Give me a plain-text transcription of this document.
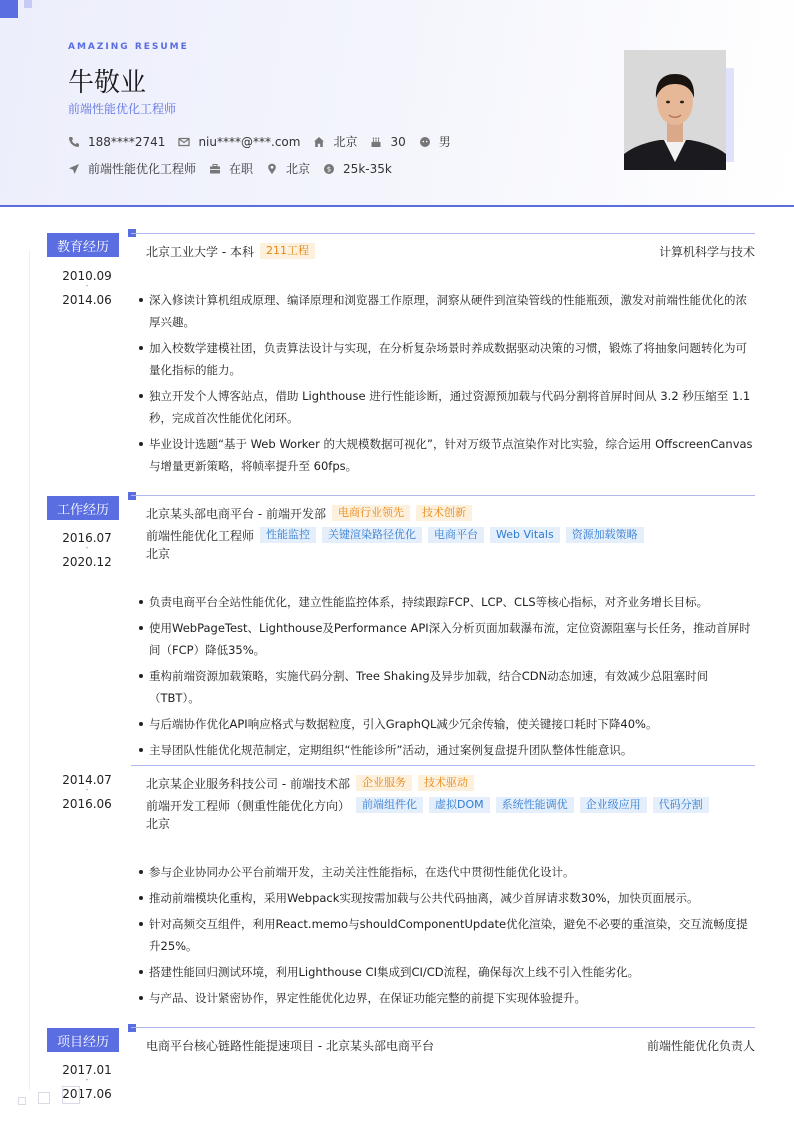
AMAZING RESUME
牛敬业
前端性能优化工程师
188****2741	niu****@***.com	北京	30	男
前端性能优化工程师	在职	北京 $ 25k-35k
教育经历
2010.09
-
2014.06
北京工业大学 - 本科	211工程	计算机科学与技术
深入修读计算机组成原理、编译原理和浏览器工作原理，洞察从硬件到渲染管线的性能瓶颈，激发对前端性能优化的浓厚兴趣。
加入校数学建模社团，负责算法设计与实现，在分析复杂场景时养成数据驱动决策的习惯，锻炼了将抽象问题转化为可量化指标的能力。
独立开发个人博客站点，借助 Lighthouse 进行性能诊断，通过资源预加载与代码分割将首屏时间从 3.2 秒压缩至 1.1 秒，完成首次性能优化闭环。
毕业设计选题“基于 Web Worker 的大规模数据可视化”，针对万级节点渲染作对比实验，综合运用 OffscreenCanvas 与增量更新策略，将帧率提升至 60fps。
工作经历
2016.07
-
2020.12
北京某头部电商平台 - 前端开发部	电商行业领先	技术创新
前端性能优化工程师	性能监控	关键渲染路径优化	电商平台	Web Vitals	资源加载策略
北京
负责电商平台全站性能优化，建立性能监控体系，持续跟踪FCP、LCP、CLS等核心指标，对齐业务增长目标。
使用WebPageTest、Lighthouse及Performance API深入分析页面加载瀑布流，定位资源阻塞与长任务，推动首屏时间（FCP）降低35%。
重构前端资源加载策略，实施代码分割、Tree Shaking及异步加载，结合CDN动态加速，有效减少总阻塞时间（TBT）。
与后端协作优化API响应格式与数据粒度，引入GraphQL减少冗余传输，使关键接口耗时下降40%。
主导团队性能优化规范制定，定期组织“性能诊所”活动，通过案例复盘提升团队整体性能意识。
2014.07
-
2016.06
北京某企业服务科技公司 - 前端技术部	企业服务	技术驱动
前端开发工程师（侧重性能优化方向）	前端组件化	虚拟DOM	系统性能调优	企业级应用	代码分割
北京
参与企业协同办公平台前端开发，主动关注性能指标，在迭代中贯彻性能优化设计。
推动前端模块化重构，采用Webpack实现按需加载与公共代码抽离，减少首屏请求数30%，加快页面展示。
针对高频交互组件，利用React.memo与shouldComponentUpdate优化渲染，避免不必要的重渲染，交互流畅度提升25%。
搭建性能回归测试环境，利用Lighthouse CI集成到CI/CD流程，确保每次上线不引入性能劣化。
与产品、设计紧密协作，界定性能优化边界，在保证功能完整的前提下实现体验提升。
项目经历
2017.01
-
2017.06
电商平台核心链路性能提速项目 - 北京某头部电商平台	前端性能优化负责人
